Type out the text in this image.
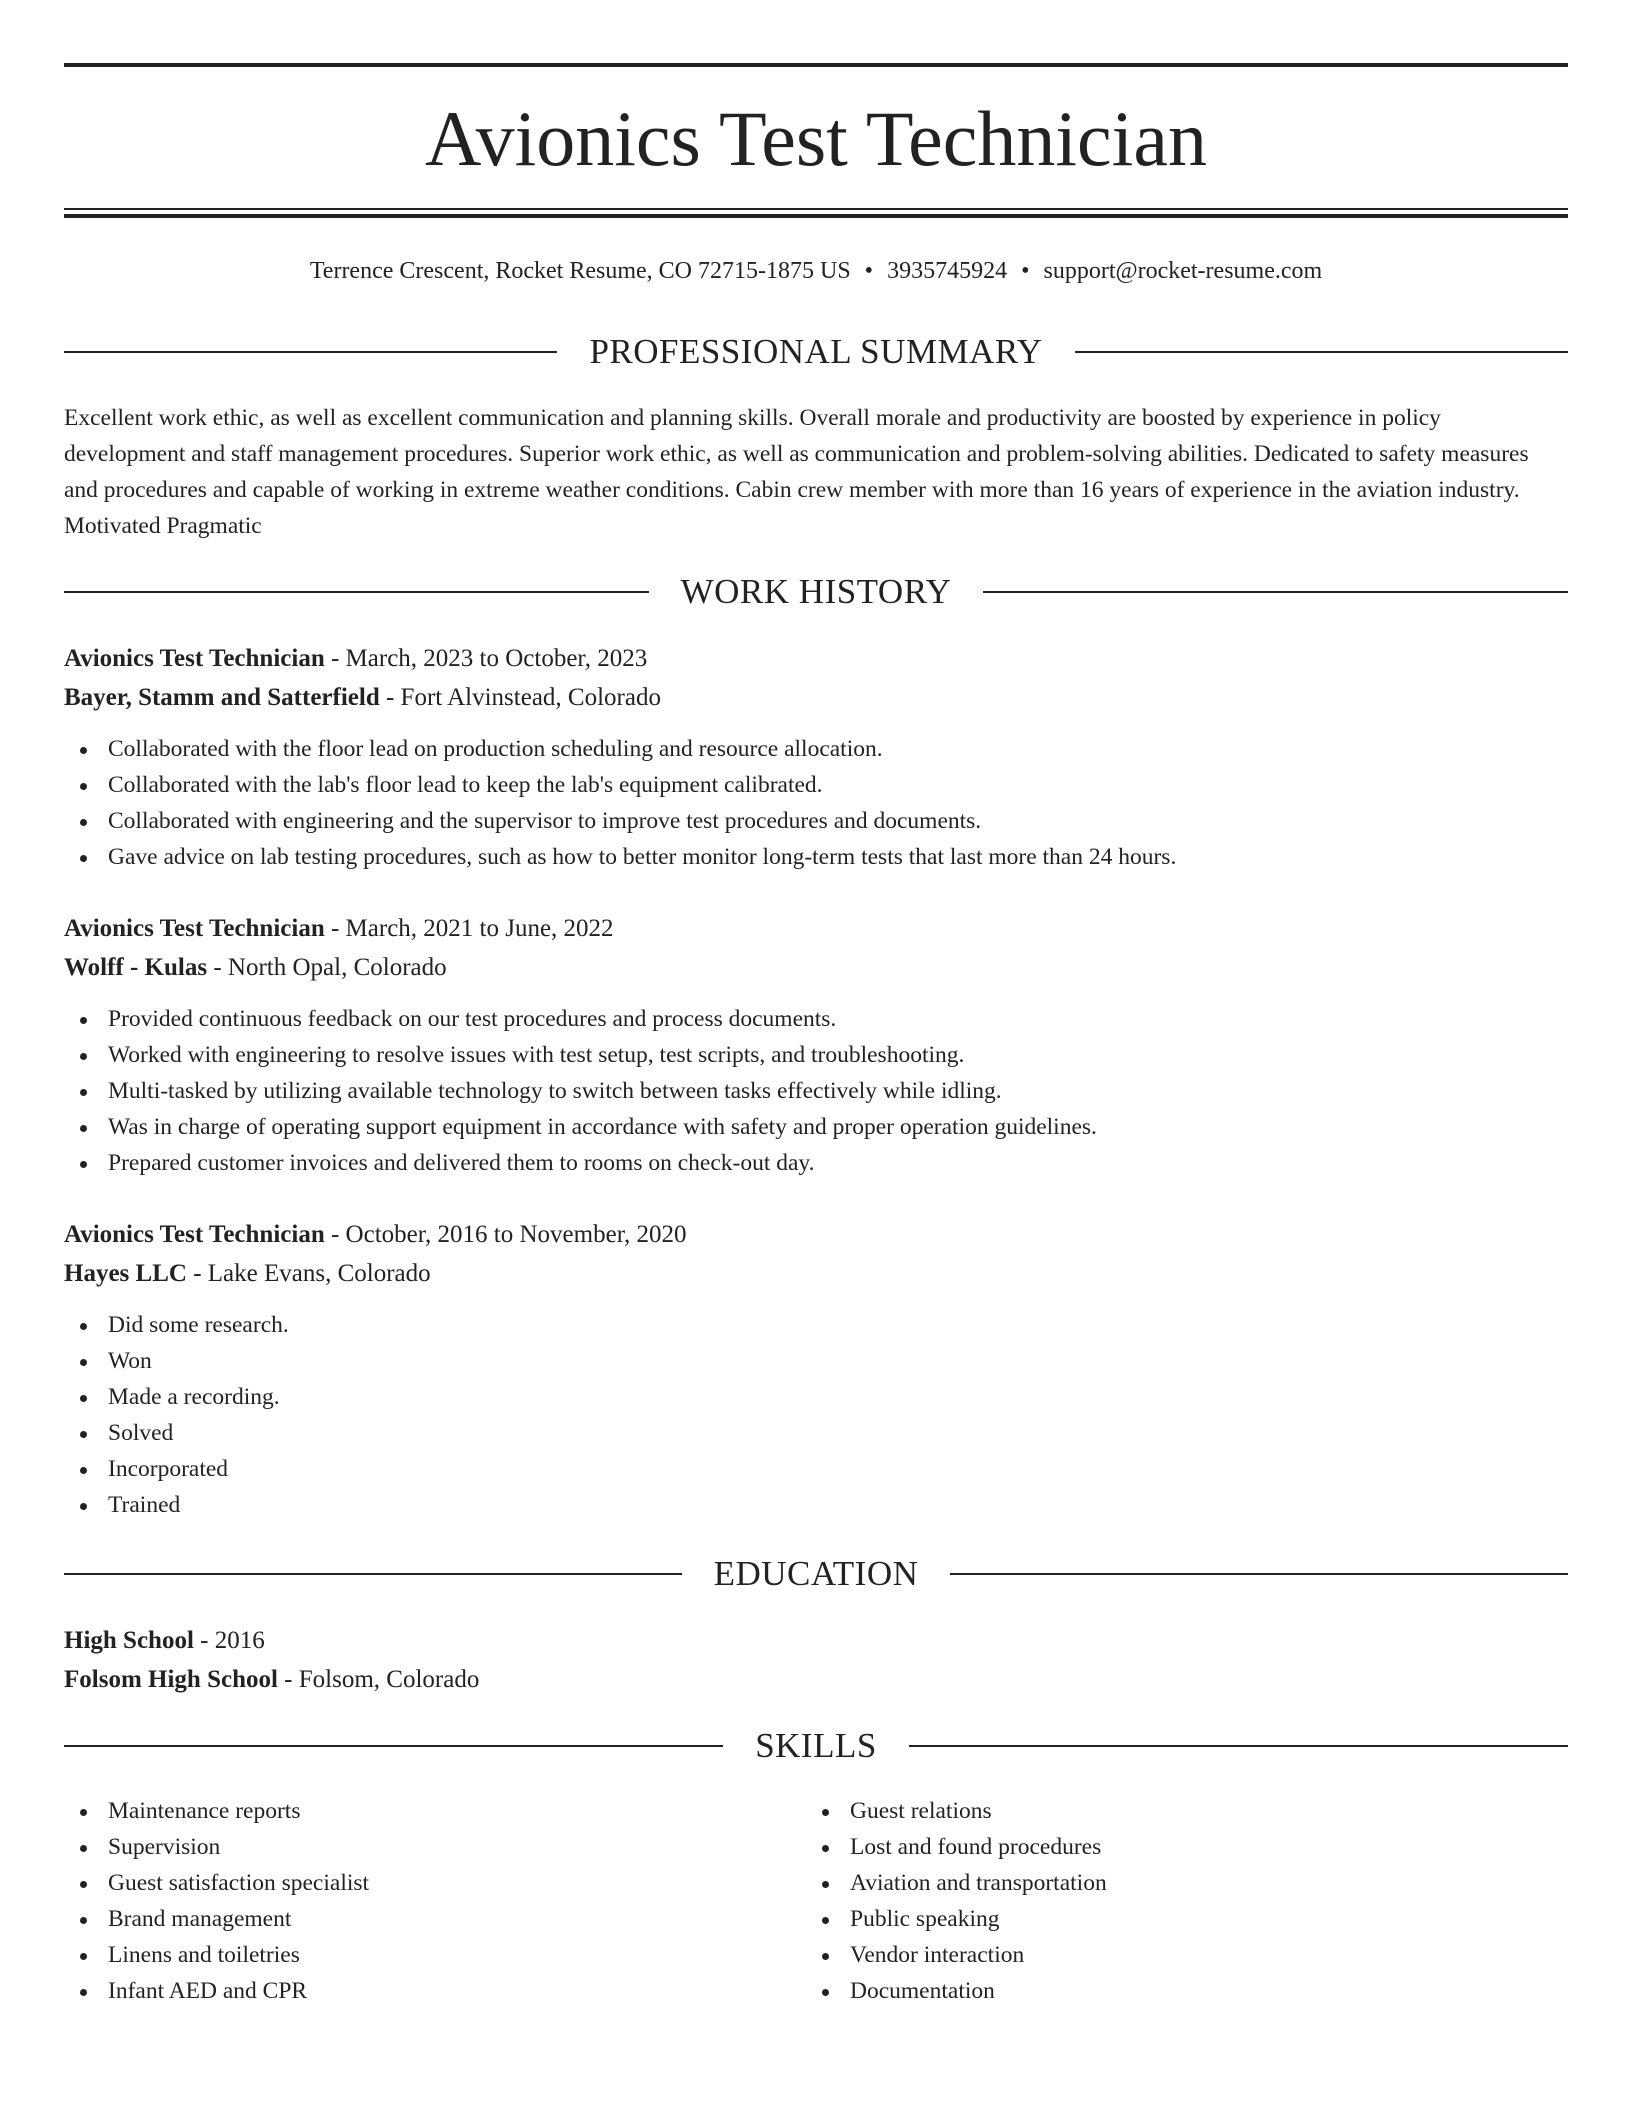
Avionics Test Technician
Terrence Crescent, Rocket Resume, CO 72715-1875 US • 3935745924 • support@rocket-resume.com
PROFESSIONAL SUMMARY

Excellent work ethic, as well as excellent communication and planning skills. Overall morale and productivity are boosted by experience in policy development and staff management procedures. Superior work ethic, as well as communication and problem-solving abilities. Dedicated to safety measures and procedures and capable of working in extreme weather conditions. Cabin crew member with more than 16 years of experience in the aviation industry. Motivated Pragmatic

WORK HISTORY
Avionics Test Technician - March, 2023 to October, 2023
Bayer, Stamm and Satterfield - Fort Alvinstead, Colorado
Collaborated with the floor lead on production scheduling and resource allocation.
Collaborated with the lab's floor lead to keep the lab's equipment calibrated.
Collaborated with engineering and the supervisor to improve test procedures and documents.
Gave advice on lab testing procedures, such as how to better monitor long-term tests that last more than 24 hours.
Avionics Test Technician - March, 2021 to June, 2022
Wolff - Kulas - North Opal, Colorado
Provided continuous feedback on our test procedures and process documents.
Worked with engineering to resolve issues with test setup, test scripts, and troubleshooting.
Multi-tasked by utilizing available technology to switch between tasks effectively while idling.
Was in charge of operating support equipment in accordance with safety and proper operation guidelines.
Prepared customer invoices and delivered them to rooms on check-out day.
Avionics Test Technician - October, 2016 to November, 2020
Hayes LLC - Lake Evans, Colorado
Did some research.
Won
Made a recording.
Solved
Incorporated
Trained
EDUCATION
High School - 2016
Folsom High School - Folsom, Colorado
SKILLS
Maintenance reports
Supervision
Guest satisfaction specialist
Brand management
Linens and toiletries
Infant AED and CPR
Guest relations
Lost and found procedures
Aviation and transportation
Public speaking
Vendor interaction
Documentation
